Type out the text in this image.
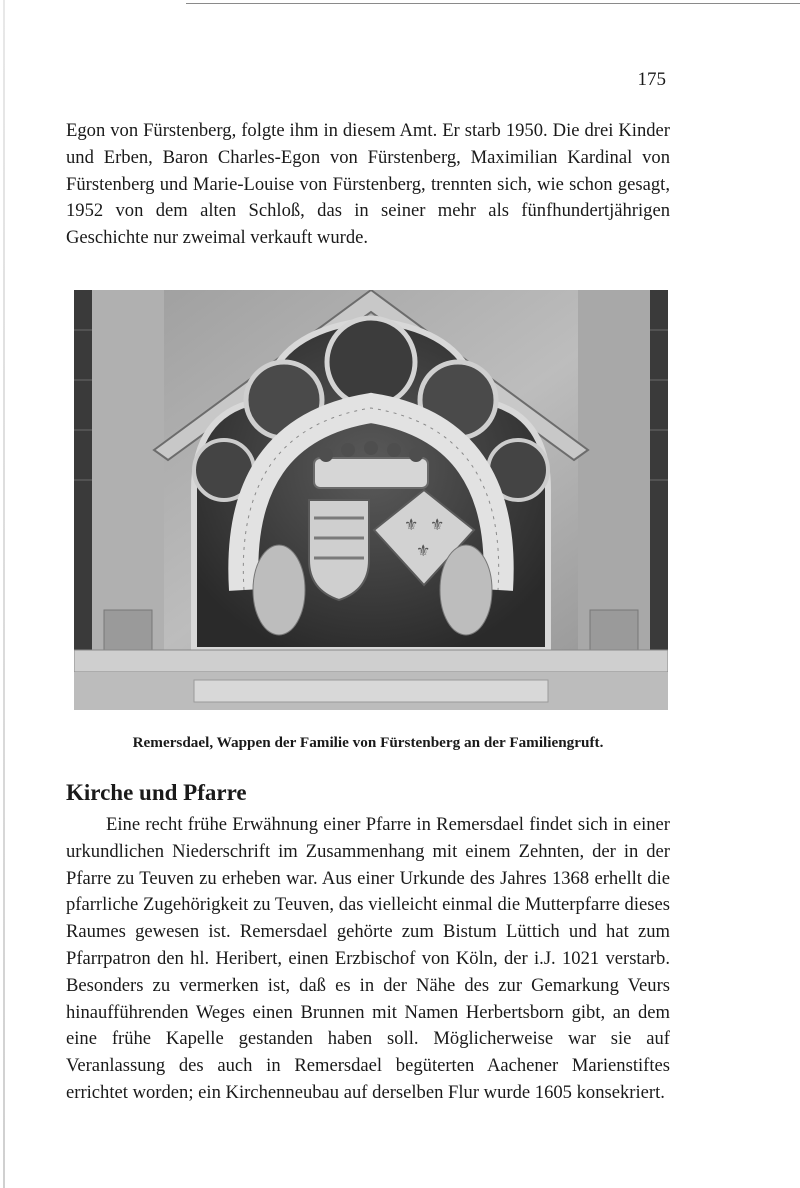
175

Egon von Fürstenberg, folgte ihm in diesem Amt. Er starb 1950. Die drei Kinder und Erben, Baron Charles-Egon von Fürstenberg, Maximilian Kardinal von Fürstenberg und Marie-Louise von Fürstenberg, trennten sich, wie schon gesagt, 1952 von dem alten Schloß, das in seiner mehr als fünfhundertjährigen Geschichte nur zweimal verkauft wurde.

⚜ ⚜
⚜
Remersdael, Wappen der Familie von Fürstenberg an der Familiengruft.
Kirche und Pfarre

Eine recht frühe Erwähnung einer Pfarre in Remersdael findet sich in einer urkundlichen Niederschrift im Zusammenhang mit einem Zehnten, der in der Pfarre zu Teuven zu erheben war. Aus einer Urkunde des Jahres 1368 erhellt die pfarrliche Zugehörigkeit zu Teuven, das vielleicht einmal die Mutterpfarre dieses Raumes gewesen ist. Remersdael gehörte zum Bistum Lüttich und hat zum Pfarrpatron den hl. Heribert, einen Erzbischof von Köln, der i.J. 1021 verstarb. Besonders zu vermerken ist, daß es in der Nähe des zur Gemarkung Veurs hinaufführenden Weges einen Brunnen mit Namen Herbertsborn gibt, an dem eine frühe Kapelle gestanden haben soll. Möglicherweise war sie auf Veranlassung des auch in Remersdael begüterten Aachener Marienstiftes errichtet worden; ein Kirchenneubau auf derselben Flur wurde 1605 konsekriert.
